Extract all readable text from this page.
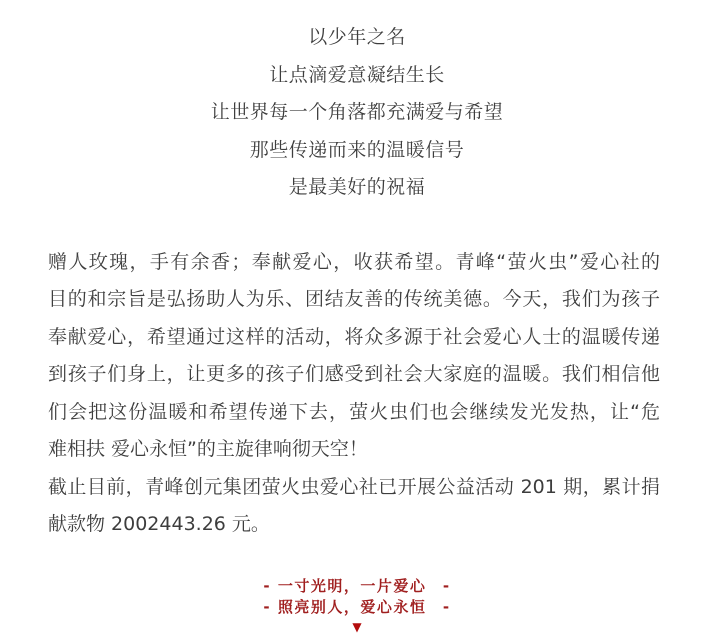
以少年之名
让点滴爱意凝结生长
让世界每一个角落都充满爱与希望
那些传递而来的温暖信号
是最美好的祝福
赠人玫瑰，手有余香；奉献爱心，收获希望。青峰“萤火虫”爱心社的
目的和宗旨是弘扬助人为乐、团结友善的传统美德。今天，我们为孩子
奉献爱心，希望通过这样的活动，将众多源于社会爱心人士的温暖传递
到孩子们身上，让更多的孩子们感受到社会大家庭的温暖。我们相信他
们会把这份温暖和希望传递下去，萤火虫们也会继续发光发热，让“危
难相扶 爱心永恒”的主旋律响彻天空！
截止目前，青峰创元集团萤火虫爱心社已开展公益活动 201 期，累计捐
献款物 2002443.26 元。
- 一寸光明，一片爱心　-
- 照亮别人，爱心永恒　-
▼
